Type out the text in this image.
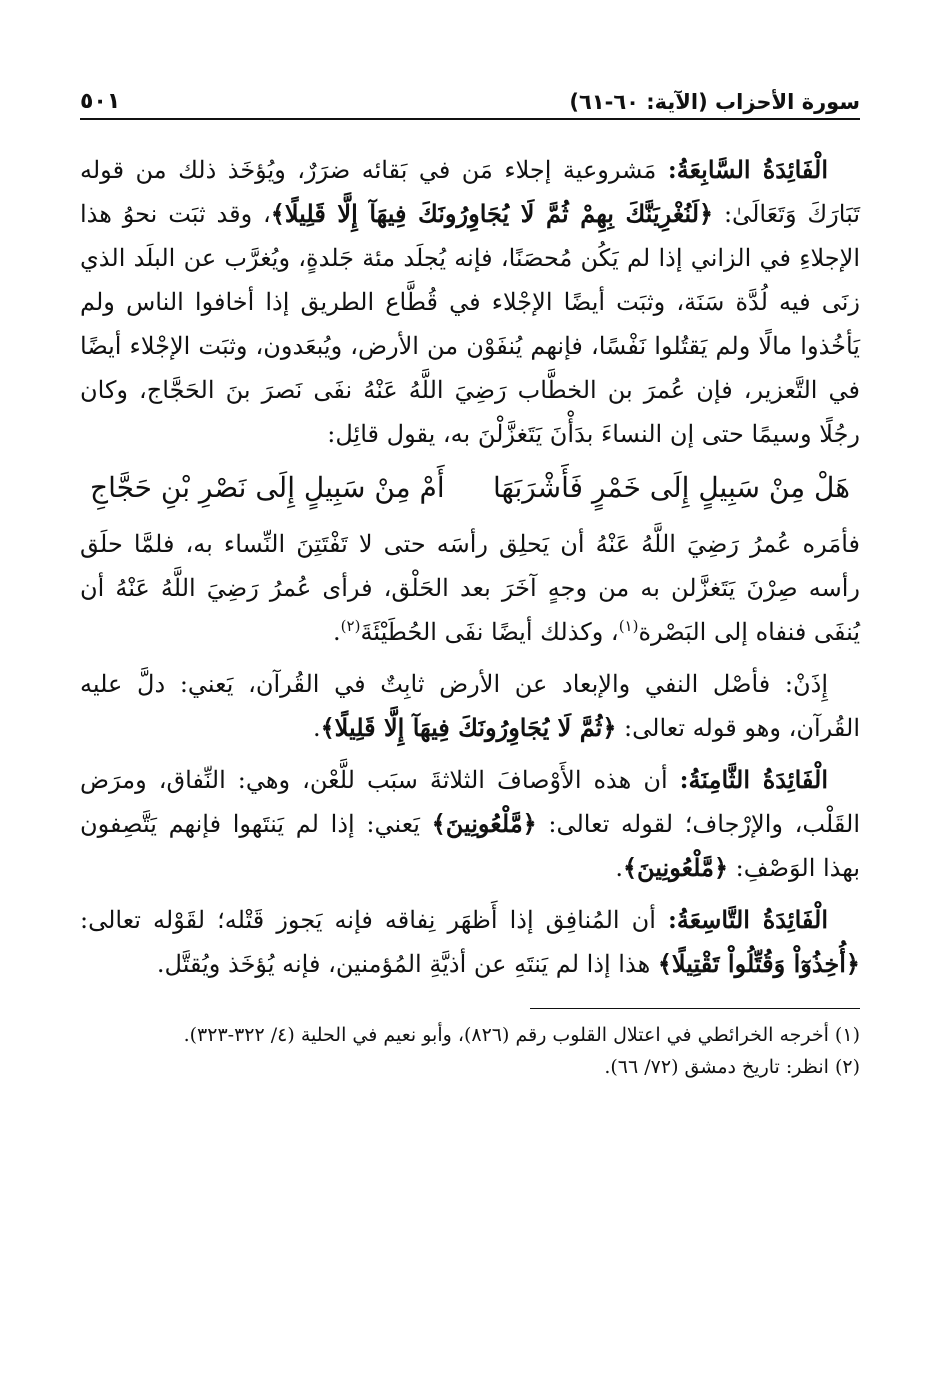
سورة الأحزاب (الآية: ٦٠-٦١)
٥٠١

الْفَائِدَةُ السَّابِعَةُ: مَشروعية إجلاء مَن في بَقائه ضرَرٌ، ويُؤخَذ ذلك من قوله تَبَارَكَ وَتَعَالَىٰ: ﴿لَنُغْرِيَنَّكَ بِهِمْ ثُمَّ لَا يُجَاوِرُونَكَ فِيهَآ إِلَّا قَلِيلًا﴾، وقد ثبَت نحوُ هذا الإجلاءِ في الزاني إذا لم يَكُن مُحصَنًا، فإنه يُجلَد مئة جَلدةٍ، ويُغرَّب عن البلَد الذي زنَى فيه لُدَّة سَنَة، وثبَت أيضًا الإجْلاء في قُطَّاع الطريق إذا أخافوا الناس ولم يَأخُذوا مالًا ولم يَقتُلوا نَفْسًا، فإنهم يُنفَوْن من الأرض، ويُبعَدون، وثبَت الإجْلاء أيضًا في التَّعزير، فإن عُمرَ بن الخطَّاب رَضِيَ اللَّهُ عَنْهُ نفَى نَصرَ بنَ الحَجَّاج، وكان رجُلًا وسيمًا حتى إن النساءَ بدَأْنَ يَتَغزَّلْنَ به، يقول قائِل:

هَلْ مِنْ سَبِيلٍ إِلَى خَمْرٍ فَأَشْرَبَهَا
أَمْ مِنْ سَبِيلٍ إِلَى نَصْرِ بْنِ حَجَّاجِ

فأمَره عُمرُ رَضِيَ اللَّهُ عَنْهُ أن يَحلِق رأسَه حتى لا تَفْتَتِنَ النِّساء به، فلمَّا حلَق رأسه صِرْنَ يَتَغزَّلن به من وجهٍ آخَرَ بعد الحَلْق، فرأى عُمرُ رَضِيَ اللَّهُ عَنْهُ أن يُنفَى فنفاه إلى البَصْرة$^{(١)}$، وكذلك أيضًا نفَى الحُطَيْئَةَ$^{(٢)}$.

إِذَنْ: فأصْل النفي والإبعاد عن الأرض ثابِتٌ في القُرآن، يَعني: دلَّ عليه القُرآن، وهو قوله تعالى: ﴿ثُمَّ لَا يُجَاوِرُونَكَ فِيهَآ إِلَّا قَلِيلًا﴾.

الْفَائِدَةُ الثَّامِنَةُ: أن هذه الأَوْصافَ الثلاثةَ سبَب للَّعْن، وهي: النِّفاق، ومرَض القَلْب، والإرْجاف؛ لقوله تعالى: ﴿مَّلْعُونِينَ﴾ يَعني: إذا لم يَنتَهوا فإنهم يَتَّصِفون بهذا الوَصْفِ: ﴿مَّلْعُونِينَ﴾.

الْفَائِدَةُ التَّاسِعَةُ: أن المُنافِق إذا أَظهَر نِفاقه فإنه يَجوز قَتْله؛ لقَوْله تعالى: ﴿أُخِذُوٓاْ وَقُتِّلُواْ تَقْتِيلًا﴾ هذا إذا لم يَنتَهِ عن أذيَّةِ المُؤمنين، فإنه يُؤخَذ ويُقتَّل.

(١) أخرجه الخرائطي في اعتلال القلوب رقم (٨٢٦)، وأبو نعيم في الحلية (٤/ ٣٢٢-٣٢٣).
(٢) انظر: تاريخ دمشق (٧٢/ ٦٦).
